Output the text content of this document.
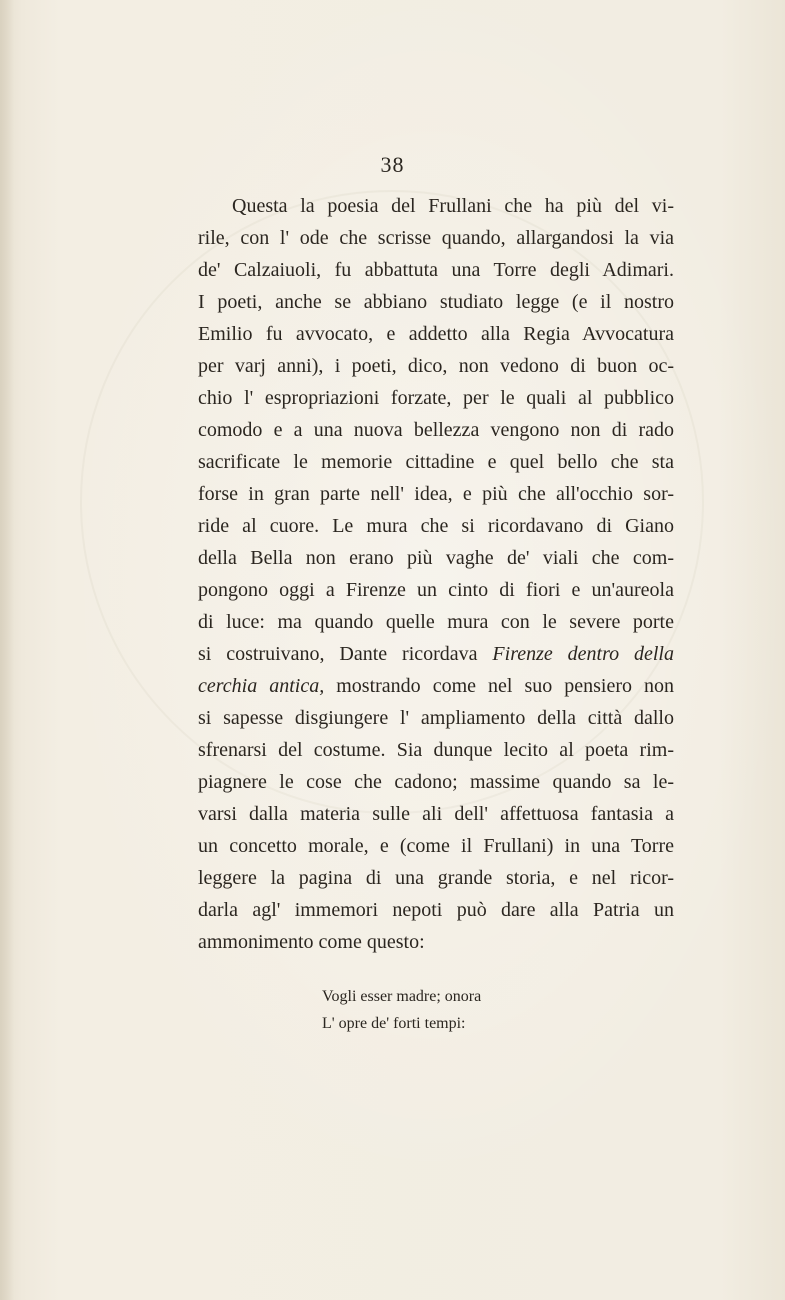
38
Questa la poesia del Frullani che ha più del vi-
rile, con l' ode che scrisse quando, allargandosi la via
de' Calzaiuoli, fu abbattuta una Torre degli Adimari.
I poeti, anche se abbiano studiato legge (e il nostro
Emilio fu avvocato, e addetto alla Regia Avvocatura
per varj anni), i poeti, dico, non vedono di buon oc-
chio l' espropriazioni forzate, per le quali al pubblico
comodo e a una nuova bellezza vengono non di rado
sacrificate le memorie cittadine e quel bello che sta
forse in gran parte nell' idea, e più che all'occhio sor-
ride al cuore. Le mura che si ricordavano di Giano
della Bella non erano più vaghe de' viali che com-
pongono oggi a Firenze un cinto di fiori e un'aureola
di luce: ma quando quelle mura con le severe porte
si costruivano, Dante ricordava Firenze dentro della
cerchia antica, mostrando come nel suo pensiero non
si sapesse disgiungere l' ampliamento della città dallo
sfrenarsi del costume. Sia dunque lecito al poeta rim-
piagnere le cose che cadono; massime quando sa le-
varsi dalla materia sulle ali dell' affettuosa fantasia a
un concetto morale, e (come il Frullani) in una Torre
leggere la pagina di una grande storia, e nel ricor-
darla agl' immemori nepoti può dare alla Patria un
ammonimento come questo:
Vogli esser madre; onora
L' opre de' forti tempi:
